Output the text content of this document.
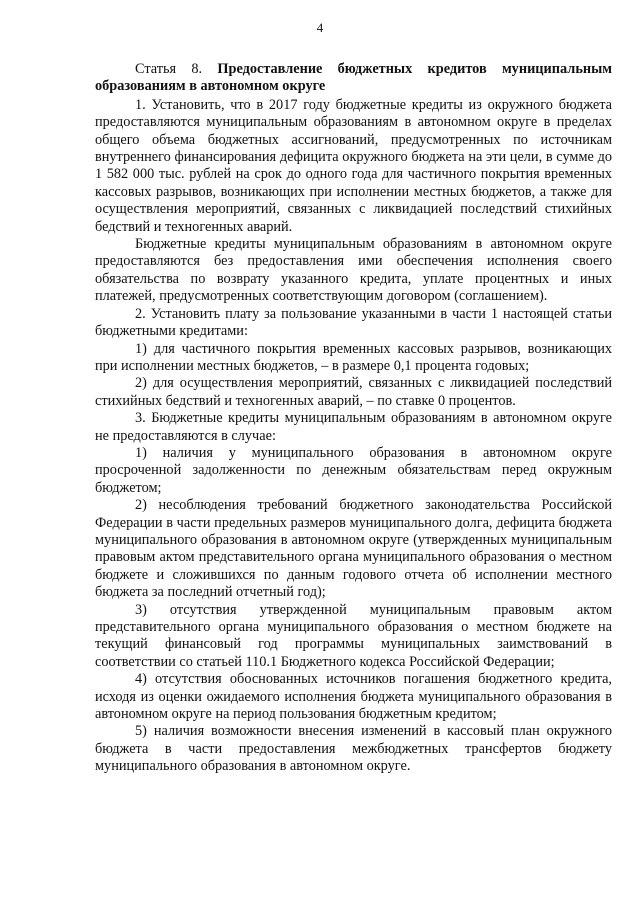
4

Статья 8. Предоставление бюджетных кредитов муниципальным образованиям в автономном округе

1. Установить, что в 2017 году бюджетные кредиты из окружного бюджета предоставляются муниципальным образованиям в автономном округе в пределах общего объема бюджетных ассигнований, предусмотренных по источникам внутреннего финансирования дефицита окружного бюджета на эти цели, в сумме до 1 582 000 тыс. рублей на срок до одного года для частичного покрытия временных кассовых разрывов, возникающих при исполнении местных бюджетов, а также для осуществления мероприятий, связанных с ликвидацией последствий стихийных бедствий и техногенных аварий.

Бюджетные кредиты муниципальным образованиям в автономном округе предоставляются без предоставления ими обеспечения исполнения своего обязательства по возврату указанного кредита, уплате процентных и иных платежей, предусмотренных соответствующим договором (соглашением).

2. Установить плату за пользование указанными в части 1 настоящей статьи бюджетными кредитами:

1) для частичного покрытия временных кассовых разрывов, возникающих при исполнении местных бюджетов, – в размере 0,1 процента годовых;

2) для осуществления мероприятий, связанных с ликвидацией последствий стихийных бедствий и техногенных аварий, – по ставке 0 процентов.

3. Бюджетные кредиты муниципальным образованиям в автономном округе не предоставляются в случае:

1) наличия у муниципального образования в автономном округе просроченной задолженности по денежным обязательствам перед окружным бюджетом;

2) несоблюдения требований бюджетного законодательства Российской Федерации в части предельных размеров муниципального долга, дефицита бюджета муниципального образования в автономном округе (утвержденных муниципальным правовым актом представительного органа муниципального образования о местном бюджете и сложившихся по данным годового отчета об исполнении местного бюджета за последний отчетный год);

3) отсутствия утвержденной муниципальным правовым актом представительного органа муниципального образования о местном бюджете на текущий финансовый год программы муниципальных заимствований в соответствии со статьей 110.1 Бюджетного кодекса Российской Федерации;

4) отсутствия обоснованных источников погашения бюджетного кредита, исходя из оценки ожидаемого исполнения бюджета муниципального образования в автономном округе на период пользования бюджетным кредитом;

5) наличия возможности внесения изменений в кассовый план окружного бюджета в части предоставления межбюджетных трансфертов бюджету муниципального образования в автономном округе.
